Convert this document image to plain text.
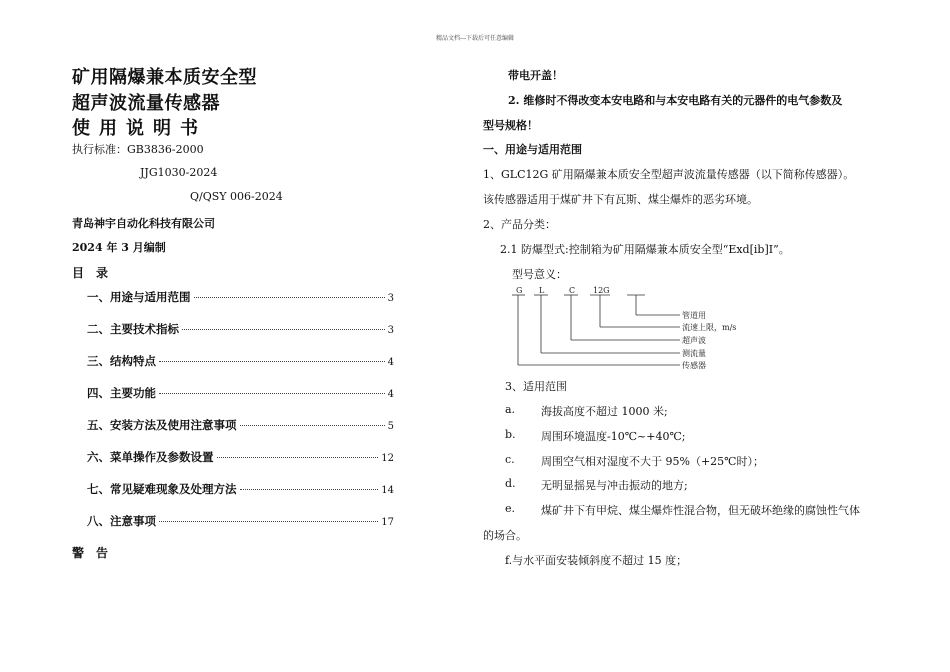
精品文档---下载后可任意编辑
矿用隔爆兼本质安全型
超声波流量传感器
使用说明书
执行标准：GB3836-2000
JJG1030-2024
Q/QSY 006-2024
青岛神宇自动化科技有限公司
2024 年 3 月编制
目　录
一、用途与适用范围	3
二、主要技术指标	3
三、结构特点	4
四、主要功能	4
五、安装方法及使用注意事项	5
六、菜单操作及参数设置	12
七、常见疑难现象及处理方法	14
八、注意事项	17
警　告
带电开盖！
2. 维修时不得改变本安电路和与本安电路有关的元器件的电气参数及
型号规格！
一、用途与适用范围
1、GLC12G 矿用隔爆兼本质安全型超声波流量传感器（以下简称传感器）。
该传感器适用于煤矿井下有瓦斯、煤尘爆炸的恶劣环境。
2、产品分类：
2.1 防爆型式:控制箱为矿用隔爆兼本质安全型“Exd[ib]I”。
型号意义：
G L	C 12G
管道用
流速上限，m/s
超声波
测流量
传感器
3、适用范围
a. 海拔高度不超过 1000 米;
b. 周围环境温度-10℃~+40℃;
c. 周围空气相对湿度不大于 95%（+25℃时）；
d. 无明显摇晃与冲击振动的地方;
e. 煤矿井下有甲烷、煤尘爆炸性混合物，但无破坏绝缘的腐蚀性气体
的场合。
f.与水平面安装倾斜度不超过 15 度；
